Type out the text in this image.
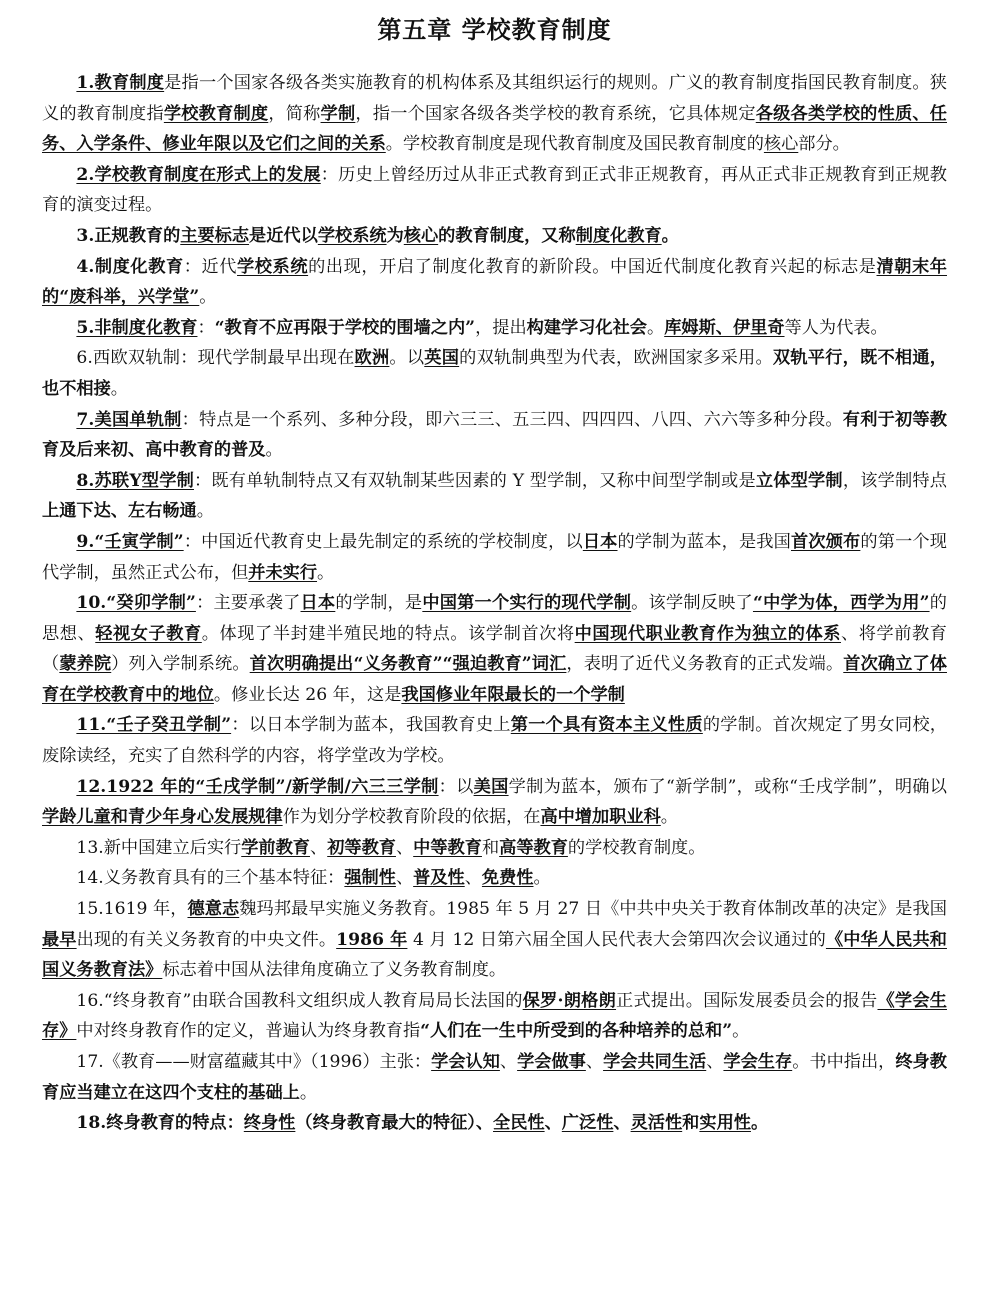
第五章 学校教育制度

1.教育制度是指一个国家各级各类实施教育的机构体系及其组织运行的规则。广义的教育制度指国民教育制度。狭义的教育制度指学校教育制度，简称学制，指一个国家各级各类学校的教育系统，它具体规定各级各类学校的性质、任务、入学条件、修业年限以及它们之间的关系。学校教育制度是现代教育制度及国民教育制度的核心部分。

2.学校教育制度在形式上的发展：历史上曾经历过从非正式教育到正式非正规教育，再从正式非正规教育到正规教育的演变过程。

3.正规教育的主要标志是近代以学校系统为核心的教育制度，又称制度化教育。

4.制度化教育：近代学校系统的出现，开启了制度化教育的新阶段。中国近代制度化教育兴起的标志是清朝末年的“废科举，兴学堂”。

5.非制度化教育：“教育不应再限于学校的围墙之内”，提出构建学习化社会。库姆斯、伊里奇等人为代表。

6.西欧双轨制：现代学制最早出现在欧洲。以英国的双轨制典型为代表，欧洲国家多采用。双轨平行，既不相通，也不相接。

7.美国单轨制：特点是一个系列、多种分段，即六三三、五三四、四四四、八四、六六等多种分段。有利于初等教育及后来初、高中教育的普及。

8.苏联Y型学制：既有单轨制特点又有双轨制某些因素的 Y 型学制，又称中间型学制或是立体型学制，该学制特点上通下达、左右畅通。

9.“壬寅学制”：中国近代教育史上最先制定的系统的学校制度，以日本的学制为蓝本，是我国首次颁布的第一个现代学制，虽然正式公布，但并未实行。

10.“癸卯学制”：主要承袭了日本的学制，是中国第一个实行的现代学制。该学制反映了“中学为体，西学为用”的思想、轻视女子教育。体现了半封建半殖民地的特点。该学制首次将中国现代职业教育作为独立的体系、将学前教育（蒙养院）列入学制系统。首次明确提出“义务教育”“强迫教育”词汇，表明了近代义务教育的正式发端。首次确立了体育在学校教育中的地位。修业长达 26 年，这是我国修业年限最长的一个学制

11.“壬子癸丑学制”：以日本学制为蓝本，我国教育史上第一个具有资本主义性质的学制。首次规定了男女同校，废除读经，充实了自然科学的内容，将学堂改为学校。

12.1922 年的“壬戌学制”/新学制/六三三学制：以美国学制为蓝本，颁布了“新学制”，或称“壬戌学制”，明确以学龄儿童和青少年身心发展规律作为划分学校教育阶段的依据，在高中增加职业科。

13.新中国建立后实行学前教育、初等教育、中等教育和高等教育的学校教育制度。

14.义务教育具有的三个基本特征：强制性、普及性、免费性。

15.1619 年，德意志魏玛邦最早实施义务教育。1985 年 5 月 27 日《中共中央关于教育体制改革的决定》是我国最早出现的有关义务教育的中央文件。1986 年 4 月 12 日第六届全国人民代表大会第四次会议通过的《中华人民共和国义务教育法》标志着中国从法律角度确立了义务教育制度。

16.“终身教育”由联合国教科文组织成人教育局局长法国的保罗·朗格朗正式提出。国际发展委员会的报告《学会生存》中对终身教育作的定义，普遍认为终身教育指“人们在一生中所受到的各种培养的总和”。

17.《教育——财富蕴藏其中》（1996）主张：学会认知、学会做事、学会共同生活、学会生存。书中指出，终身教育应当建立在这四个支柱的基础上。

18.终身教育的特点：终身性（终身教育最大的特征）、全民性、广泛性、灵活性和实用性。
